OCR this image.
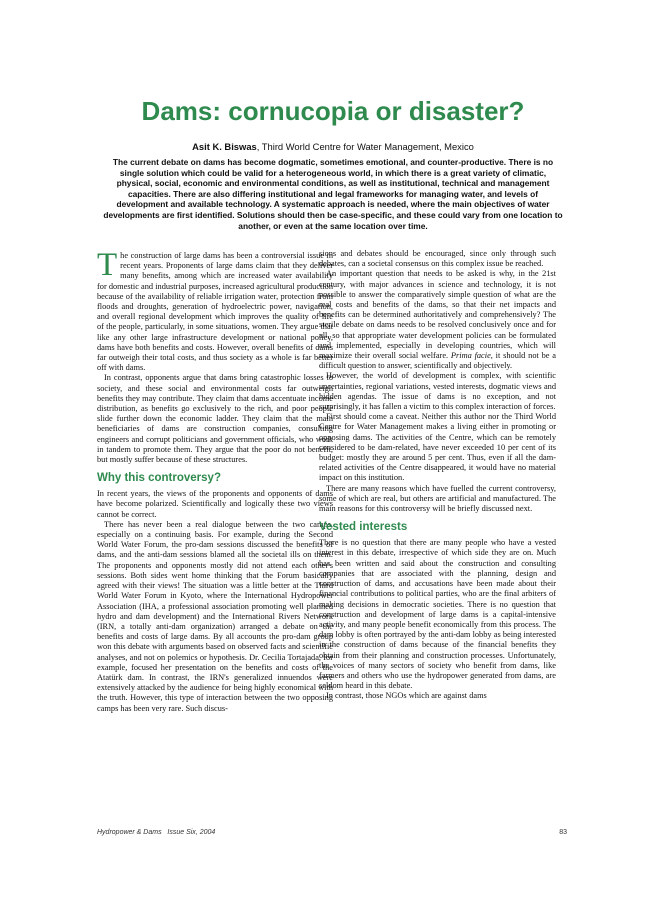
Dams: cornucopia or disaster?
Asit K. Biswas, Third World Centre for Water Management, Mexico

The current debate on dams has become dogmatic, sometimes emotional, and counter-productive. There is no single solution which could be valid for a heterogeneous world, in which there is a great variety of climatic, physical, social, economic and environmental conditions, as well as institutional, technical and management capacities. There are also differing institutional and legal frameworks for managing water, and levels of development and available technology. A systematic approach is needed, where the main objectives of water developments are first identified. Solutions should then be case-specific, and these could vary from one location to another, or even at the same location over time.

The construction of large dams has been a controversial issue in recent years. Proponents of large dams claim that they deliver many benefits, among which are increased water availability for domestic and industrial purposes, increased agricultural production because of the availability of reliable irrigation water, protection from floods and droughts, generation of hydroelectric power, navigation, and overall regional development which improves the quality of life of the people, particularly, in some situations, women. They argue that like any other large infrastructure development or national policy, dams have both benefits and costs. However, overall benefits of dams far outweigh their total costs, and thus society as a whole is far better off with dams.

In contrast, opponents argue that dams bring catastrophic losses to society, and these social and environmental costs far outweigh benefits they may contribute. They claim that dams accentuate income distribution, as benefits go exclusively to the rich, and poor people slide further down the economic ladder. They claim that the main beneficiaries of dams are construction companies, consulting engineers and corrupt politicians and government officials, who work in tandem to promote them. They argue that the poor do not benefit, but mostly suffer because of these structures.

Why this controversy?

In recent years, the views of the proponents and opponents of dams have become polarized. Scientifically and logically these two views cannot be correct.

There has never been a real dialogue between the two camps, especially on a continuing basis. For example, during the Second World Water Forum, the pro-dam sessions discussed the benefits of dams, and the anti-dam sessions blamed all the societal ills on them. The proponents and opponents mostly did not attend each other's sessions. Both sides went home thinking that the Forum basically agreed with their views! The situation was a little better at the Third World Water Forum in Kyoto, where the International Hydropower Association (IHA, a professional association promoting well planned hydro and dam development) and the International Rivers Network (IRN, a totally anti-dam organization) arranged a debate on the benefits and costs of large dams. By all accounts the pro-dam group won this debate with arguments based on observed facts and scientific analyses, and not on polemics or hypothesis. Dr. Cecilia Tortajada, for example, focused her presentation on the benefits and costs of the Atatürk dam. In contrast, the IRN's generalized innuendos were extensively attacked by the audience for being highly economical with the truth. However, this type of interaction between the two opposing camps has been very rare. Such discus-

sions and debates should be encouraged, since only through such debates, can a societal consensus on this complex issue be reached.

An important question that needs to be asked is why, in the 21st century, with major advances in science and technology, it is not possible to answer the comparatively simple question of what are the real costs and benefits of the dams, so that their net impacts and benefits can be determined authoritatively and comprehensively? The sterile debate on dams needs to be resolved conclusively once and for all, so that appropriate water development policies can be formulated and implemented, especially in developing countries, which will maximize their overall social welfare. Prima facie, it should not be a difficult question to answer, scientifically and objectively.

However, the world of development is complex, with scientific uncertainties, regional variations, vested interests, dogmatic views and hidden agendas. The issue of dams is no exception, and not surprisingly, it has fallen a victim to this complex interaction of forces.

First should come a caveat. Neither this author nor the Third World Centre for Water Management makes a living either in promoting or opposing dams. The activities of the Centre, which can be remotely considered to be dam-related, have never exceeded 10 per cent of its budget: mostly they are around 5 per cent. Thus, even if all the dam-related activities of the Centre disappeared, it would have no material impact on this institution.

There are many reasons which have fuelled the current controversy, some of which are real, but others are artificial and manufactured. The main reasons for this controversy will be briefly discussed next.

Vested interests

There is no question that there are many people who have a vested interest in this debate, irrespective of which side they are on. Much has been written and said about the construction and consulting companies that are associated with the planning, design and construction of dams, and accusations have been made about their financial contributions to political parties, who are the final arbiters of making decisions in democratic societies. There is no question that construction and development of large dams is a capital-intensive activity, and many people benefit economically from this process. The dam lobby is often portrayed by the anti-dam lobby as being interested in the construction of dams because of the financial benefits they obtain from their planning and construction processes. Unfortunately, the voices of many sectors of society who benefit from dams, like farmers and others who use the hydropower generated from dams, are seldom heard in this debate.

In contrast, those NGOs which are against dams

Hydropower & Dams   Issue Six, 2004	83
